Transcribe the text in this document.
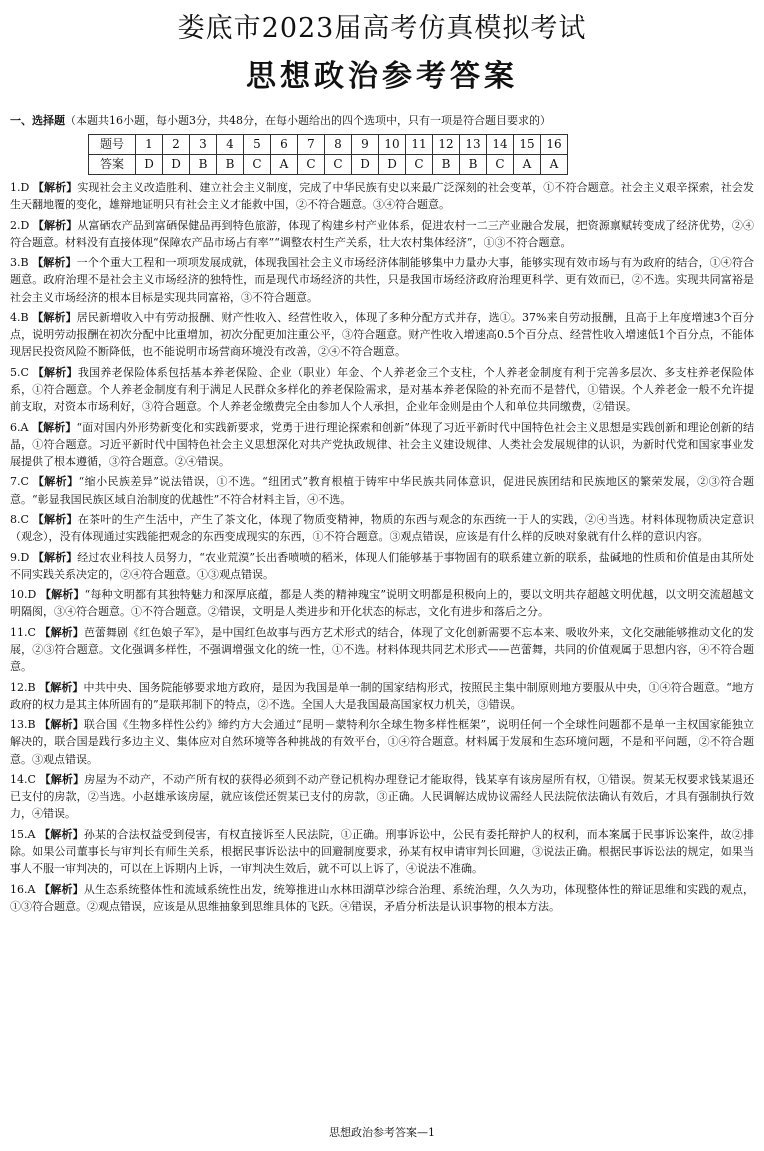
娄底市2023届高考仿真模拟考试
思想政治参考答案
一、选择题（本题共16小题，每小题3分，共48分，在每小题给出的四个选项中，只有一项是符合题目要求的）
题号	1	2	3	4	5	6	7	8	9	10	11	12	13	14	15	16
答案	D	D	B	B	C	A	C	C	D	D	C	B	B	C	A	A
1.D 【解析】实现社会主义改造胜利、建立社会主义制度，完成了中华民族有史以来最广泛深刻的社会变革，①不符合题意。社会主义艰辛探索，社会发生天翻地覆的变化，雄辩地证明只有社会主义才能救中国，②不符合题意。③④符合题意。
2.D 【解析】从富硒农产品到富硒保健品再到特色旅游，体现了构建乡村产业体系，促进农村一二三产业融合发展，把资源禀赋转变成了经济优势，②④符合题意。材料没有直接体现“保障农产品市场占有率”“调整农村生产关系，壮大农村集体经济”，①③不符合题意。
3.B 【解析】一个个重大工程和一项项发展成就，体现我国社会主义市场经济体制能够集中力量办大事，能够实现有效市场与有为政府的结合，①④符合题意。政府治理不是社会主义市场经济的独特性，而是现代市场经济的共性，只是我国市场经济政府治理更科学、更有效而已，②不选。实现共同富裕是社会主义市场经济的根本目标是实现共同富裕，③不符合题意。
4.B 【解析】居民新增收入中有劳动报酬、财产性收入、经营性收入，体现了多种分配方式并存，选①。37%来自劳动报酬，且高于上年度增速3个百分点，说明劳动报酬在初次分配中比重增加，初次分配更加注重公平，③符合题意。财产性收入增速高0.5个百分点、经营性收入增速低1个百分点，不能体现居民投资风险不断降低，也不能说明市场营商环境没有改善，②④不符合题意。
5.C 【解析】我国养老保险体系包括基本养老保险、企业（职业）年金、个人养老金三个支柱，个人养老金制度有利于完善多层次、多支柱养老保险体系，①符合题意。个人养老金制度有利于满足人民群众多样化的养老保险需求，是对基本养老保险的补充而不是替代，①错误。个人养老金一般不允许提前支取，对资本市场利好，③符合题意。个人养老金缴费完全由参加人个人承担，企业年金则是由个人和单位共同缴费，②错误。
6.A 【解析】“面对国内外形势新变化和实践新要求，党勇于进行理论探索和创新”体现了习近平新时代中国特色社会主义思想是实践创新和理论创新的结晶，①符合题意。习近平新时代中国特色社会主义思想深化对共产党执政规律、社会主义建设规律、人类社会发展规律的认识，为新时代党和国家事业发展提供了根本遵循，③符合题意。②④错误。
7.C 【解析】“缩小民族差异”说法错误，①不选。“纽团式”教育根植于铸牢中华民族共同体意识，促进民族团结和民族地区的繁荣发展，②③符合题意。“彰显我国民族区域自治制度的优越性”不符合材料主旨，④不选。
8.C 【解析】在茶叶的生产生活中，产生了茶文化，体现了物质变精神，物质的东西与观念的东西统一于人的实践，②④当选。材料体现物质决定意识（观念），没有体现通过实践能把观念的东西变成现实的东西，①不符合题意。③观点错误，应该是有什么样的反映对象就有什么样的意识内容。
9.D 【解析】经过农业科技人员努力，“农业荒漠”长出香喷喷的稻米，体现人们能够基于事物固有的联系建立新的联系，盐碱地的性质和价值是由其所处不同实践关系决定的，②④符合题意。①③观点错误。
10.D 【解析】“每种文明都有其独特魅力和深厚底蕴，都是人类的精神瑰宝”说明文明都是积极向上的，要以文明共存超越文明优越，以文明交流超越文明隔阂，③④符合题意。①不符合题意。②错误，文明是人类进步和开化状态的标志，文化有进步和落后之分。
11.C 【解析】芭蕾舞剧《红色娘子军》，是中国红色故事与西方艺术形式的结合，体现了文化创新需要不忘本来、吸收外来，文化交融能够推动文化的发展，②③符合题意。文化强调多样性，不强调增强文化的统一性，①不选。材料体现共同艺术形式——芭蕾舞，共同的价值观属于思想内容，④不符合题意。
12.B 【解析】中共中央、国务院能够要求地方政府，是因为我国是单一制的国家结构形式，按照民主集中制原则地方要服从中央，①④符合题意。“地方政府的权力是其主体所固有的”是联邦制下的特点，②不选。全国人大是我国最高国家权力机关，③错误。
13.B 【解析】联合国《生物多样性公约》缔约方大会通过“昆明－蒙特利尔全球生物多样性框架”，说明任何一个全球性问题都不是单一主权国家能独立解决的，联合国是践行多边主义、集体应对自然环境等各种挑战的有效平台，①④符合题意。材料属于发展和生态环境问题，不是和平问题，②不符合题意。③观点错误。
14.C 【解析】房屋为不动产，不动产所有权的获得必须到不动产登记机构办理登记才能取得，钱某享有该房屋所有权，①错误。贺某无权要求钱某退还已支付的房款，②当选。小赵雄承该房屋，就应该偿还贺某已支付的房款，③正确。人民调解达成协议需经人民法院依法确认有效后，才具有强制执行效力，④错误。
15.A 【解析】孙某的合法权益受到侵害，有权直接诉至人民法院，①正确。刑事诉讼中，公民有委托辩护人的权利，而本案属于民事诉讼案件，故②排除。如果公司董事长与审判长有师生关系，根据民事诉讼法中的回避制度要求，孙某有权申请审判长回避，③说法正确。根据民事诉讼法的规定，如果当事人不服一审判决的，可以在上诉期内上诉，一审判决生效后，就不可以上诉了，④说法不准确。
16.A 【解析】从生态系统整体性和流域系统性出发，统筹推进山水林田湖草沙综合治理、系统治理，久久为功，体现整体性的辩证思维和实践的观点，①③符合题意。②观点错误，应该是从思维抽象到思维具体的飞跃。④错误，矛盾分析法是认识事物的根本方法。
思想政治参考答案—1
